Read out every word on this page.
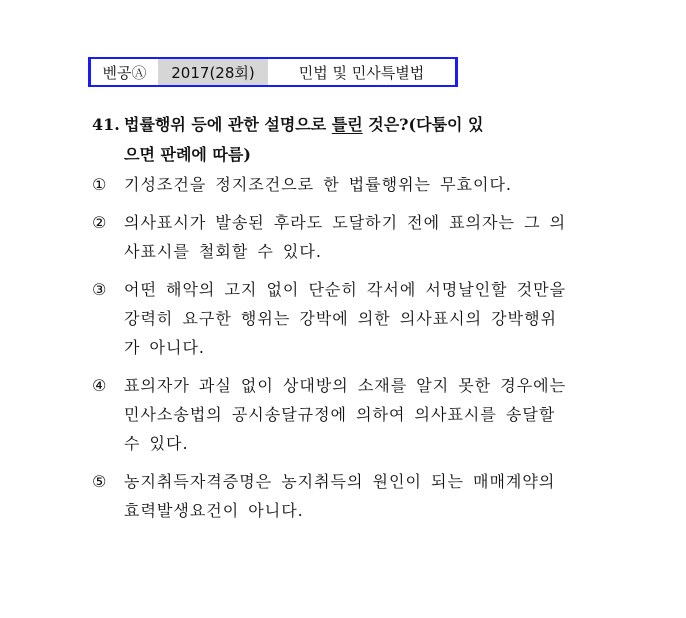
벤공Ⓐ	2017(28회)	민법 및 민사특별법
41. 법률행위 등에 관한 설명으로 틀린 것은?(다툼이 있
으면 판례에 따름)
①	기성조건을 정지조건으로 한 법률행위는 무효이다.
②	의사표시가 발송된 후라도 도달하기 전에 표의자는 그 의사표시를 철회할 수 있다.
③	어떤 해악의 고지 없이 단순히 각서에 서명날인할 것만을 강력히 요구한 행위는 강박에 의한 의사표시의 강박행위가 아니다.
④	표의자가 과실 없이 상대방의 소재를 알지 못한 경우에는 민사소송법의 공시송달규정에 의하여 의사표시를 송달할 수 있다.
⑤	농지취득자격증명은 농지취득의 원인이 되는 매매계약의 효력발생요건이 아니다.
